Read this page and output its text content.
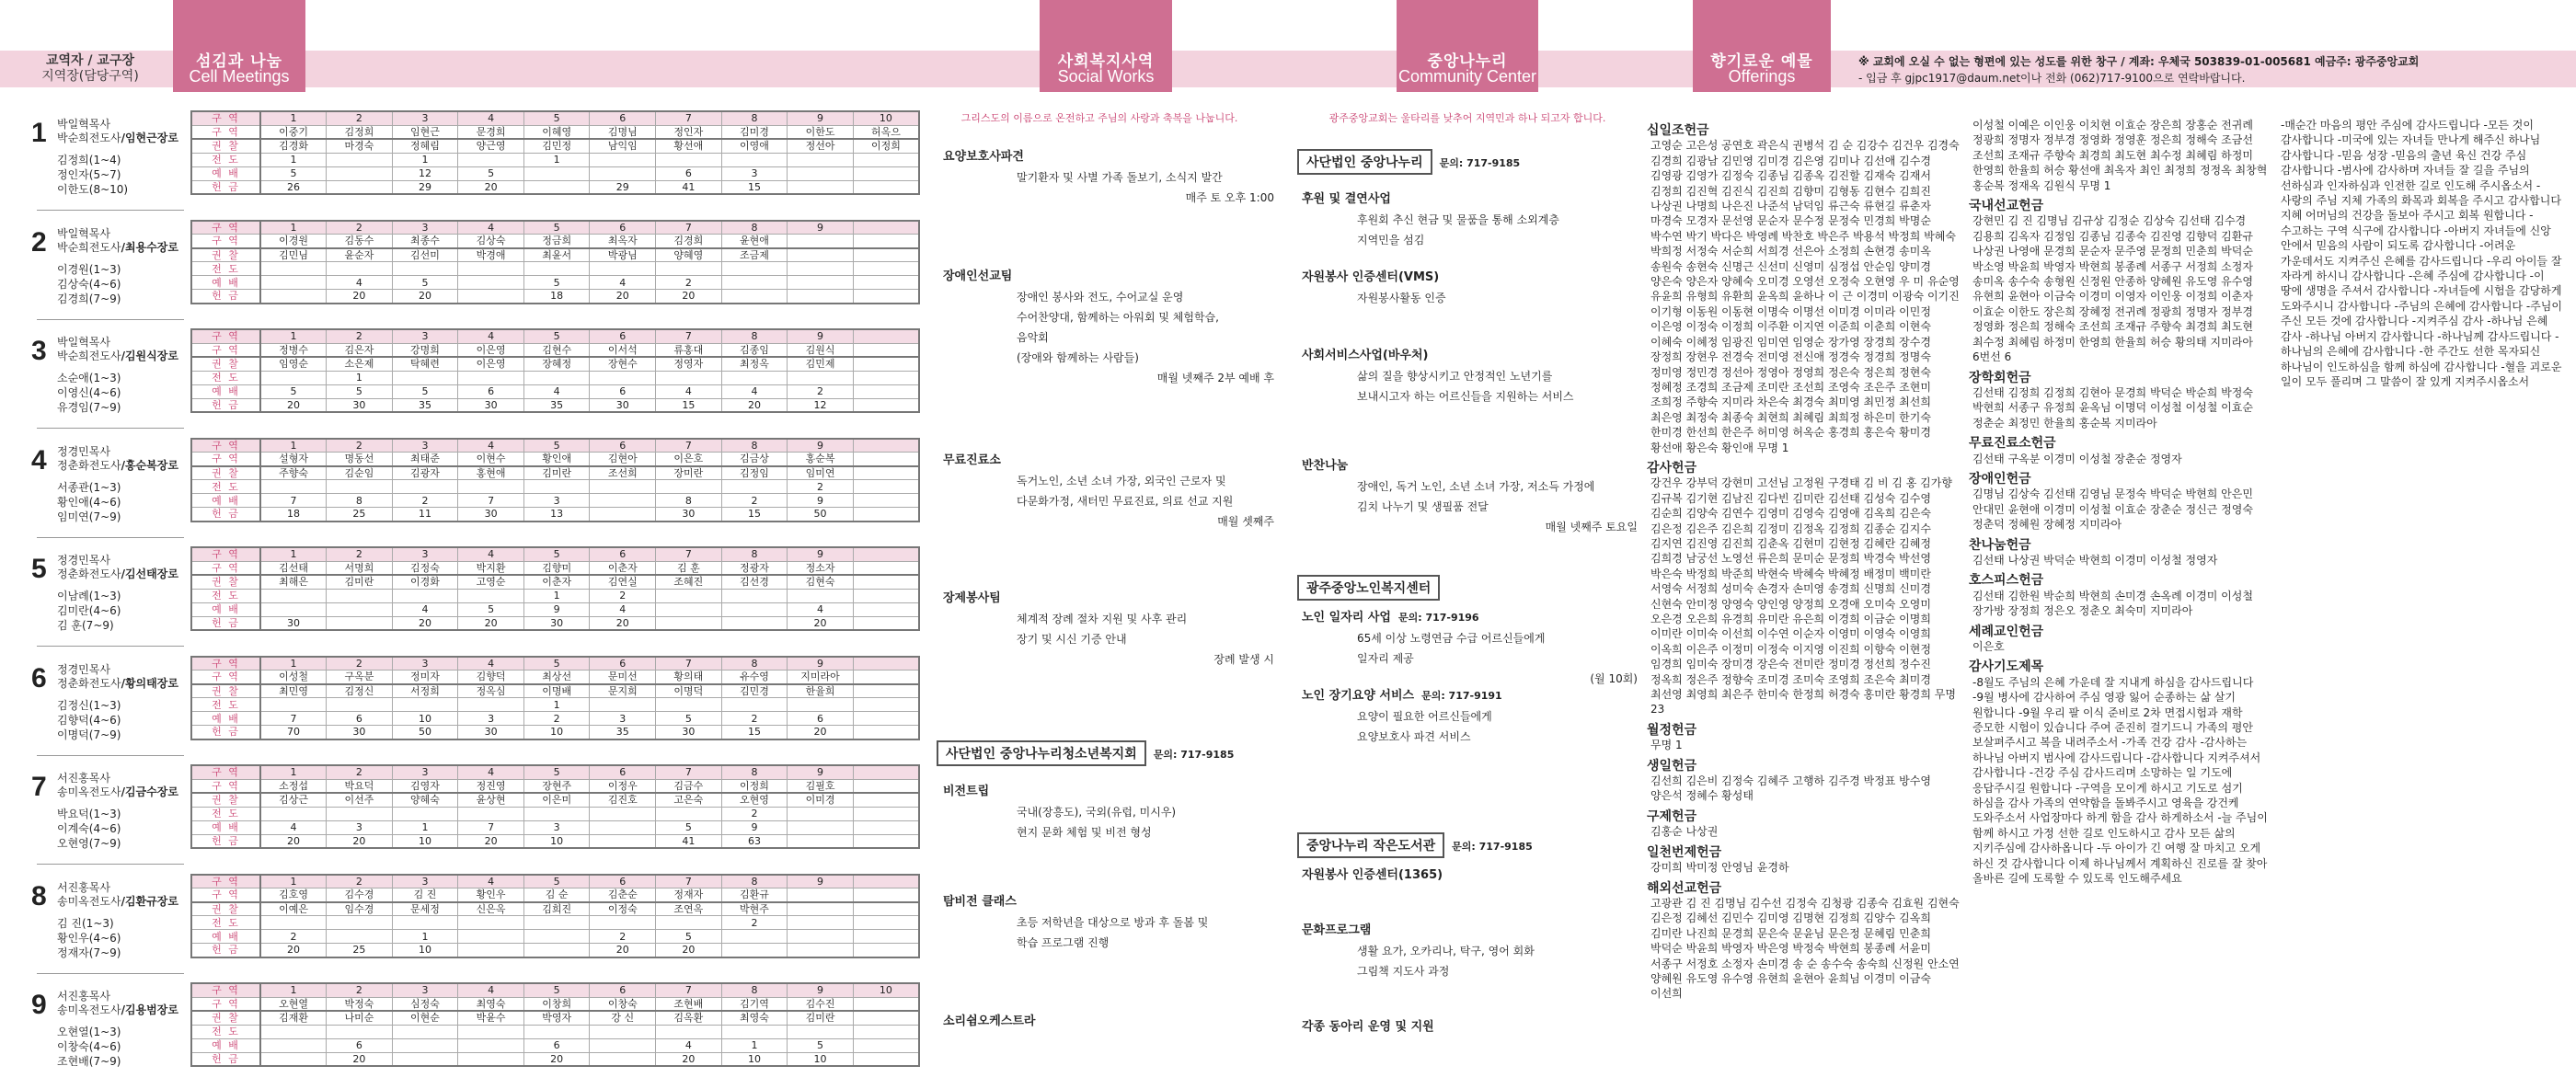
교역자 / 교구장
지역장(담당구역)
섬김과 나눔
Cell Meetings
사회복지사역
Social Works
중앙나누리
Community Center
향기로운 예물
Offerings
※ 교회에 오실 수 없는 형편에 있는 성도를 위한 창구 / 계좌: 우체국 503839-01-005681 예금주: 광주중앙교회
- 입금 후 gjpc1917@daum.net이나 전화 (062)717-9100으로 연락바랍니다.
1 박일혁목사
박순희전도사/임현근장로
김정희(1~4)
정인자(5~7)
이한도(8~10)
구 역	1	2	3	4	5	6	7	8	9	10
구 역	이중기	김정희	임현근	문경희	이혜영	김명님	정인자	김미경	이한도	허옥으
권 찰	김경화	마경숙	정혜림	양근영	김민정	남익임	황선애	이영애	정선아	이정희
전 도	1		1		1					
예 배	5		12	5			6	3		
헌 금	26		29	20		29	41	15		
2 박일혁목사
박순희전도사/최용수장로
이경원(1~3)
김상숙(4~6)
김경희(7~9)
구 역	1	2	3	4	5	6	7	8	9	
구 역	이경원	김동수	최종수	김상숙	정금희	최옥자	김경희	윤현애		
권 찰	김민님	윤순자	김선미	박경애	최윤서	박광님	양혜영	조금제		
전 도										
예 배		4	5		5	4	2			
헌 금		20	20		18	20	20			
3 박일혁목사
박순희전도사/김원식장로
소순애(1~3)
이영신(4~6)
유경임(7~9)
구 역	1	2	3	4	5	6	7	8	9	
구 역	정병수	김은자	강명희	이은영	김현수	이서석	류홍대	김종임	김원식	
권 찰	임영순	소은제	탁혜련	이은영	장혜정	장현수	정영자	최정옥	김민제	
전 도		1								
예 배	5	5	5	6	4	6	4	4	2	
헌 금	20	30	35	30	35	30	15	20	12	
4 정경민목사
정춘화전도사/홍순복장로
서종관(1~3)
황인애(4~6)
임미연(7~9)
구 역	1	2	3	4	5	6	7	8	9	
구 역	설형자	명동선	최태준	이현수	황인애	김현아	이은호	김금상	홍순복	
권 찰	주향숙	김순임	김광자	홍현애	김미란	조선희	장미란	김정임	임미연	
전 도									2	
예 배	7	8	2	7	3		8	2	9	
헌 금	18	25	11	30	13		30	15	50	
5 정경민목사
정춘화전도사/김선태장로
이남례(1~3)
김미란(4~6)
김 훈(7~9)
구 역	1	2	3	4	5	6	7	8	9	
구 역	김선태	서명희	김정숙	박지환	김향미	이춘자	김 훈	정광자	정소자	
권 찰	최해은	김미란	이경화	고영순	이춘자	김연실	조혜진	김선경	김현숙	
전 도					1	2				
예 배			4	5	9	4			4	
헌 금	30		20	20	30	20			20	
6 정경민목사
정춘화전도사/황의태장로
김정신(1~3)
김향덕(4~6)
이명덕(7~9)
구 역	1	2	3	4	5	6	7	8	9	
구 역	이성철	구옥분	정미자	김향덕	최상선	문미선	황의태	유수영	지미라아	
권 찰	최민영	김정신	서정희	정옥심	이명배	문지희	이명덕	김민경	한율희	
전 도					1					
예 배	7	6	10	3	2	3	5	2	6	
헌 금	70	30	50	30	10	35	30	15	20	
7 서진홍목사
송미옥전도사/김금수장로
박요덕(1~3)
이계숙(4~6)
오현영(7~9)
구 역	1	2	3	4	5	6	7	8	9	
구 역	소정섭	박요덕	김영자	정진영	장현주	이정우	김금수	이정희	김필호	
권 찰	김상근	이선주	양혜숙	윤상현	이은미	김진호	고은숙	오현영	이미경	
전 도								2		
예 배	4	3	1	7	3		5	9		
헌 금	20	20	10	20	10		41	63		
8 서진홍목사
송미옥전도사/김환규장로
김 진(1~3)
황인우(4~6)
정재자(7~9)
구 역	1	2	3	4	5	6	7	8	9	
구 역	김호영	김수경	김 진	황인우	김 순	김춘순	정재자	김환규		
권 찰	이예은	임수경	문세정	신은옥	김희진	이정숙	조연옥	박현주		
전 도								2		
예 배	2		1			2	5			
헌 금	20	25	10			20	20			
9 서진홍목사
송미옥전도사/김용범장로
오현열(1~3)
이창숙(4~6)
조현배(7~9)
구 역	1	2	3	4	5	6	7	8	9	10
구 역	오현열	박정숙	심정숙	최영숙	이창희	이창숙	조현배	김기역	김수진	
권 찰	김재환	나미순	이현순	박윤수	박영자	강 신	김옥환	최영숙	김미란	
전 도										
예 배		6			6		4	1	5	
헌 금		20			20		20	10	10	
그리스도의 이름으로 온전하고 주님의 사랑과 축복을 나눕니다.
요양보호사파견
말기환자 및 사별 가족 돌보기, 소식지 발간
매주 토 오후 1:00
장애인선교팀
장애인 봉사와 전도, 수어교실 운영
수어찬양대, 함께하는 아워회 및 체험학습,
음악회
(장애와 함께하는 사람들)
매월 넷째주 2부 예배 후
무료진료소
독거노인, 소년 소녀 가장, 외국인 근로자 및
다문화가정, 새터민 무료진료, 의료 선교 지원
매월 셋째주
장제봉사팀
체계적 장례 절차 지원 및 사후 관리
장기 및 시신 기증 안내
장례 발생 시
사단법인 중앙나누리청소년복지회 문의: 717-9185
비전트립
국내(장흥도), 국외(유럽, 미시우)
현지 문화 체험 및 비전 형성
탐비전 클래스
초등 저학년을 대상으로 방과 후 돌봄 및
학습 프로그램 진행
소리쉼오케스트라
광주중앙교회는 울타리를 낮추어 지역민과 하나 되고자 합니다.
사단법인 중앙나누리 문의: 717-9185
후원 및 결연사업
후원회 추신 현금 및 물품을 통해 소외계층
지역민을 섬김
자원봉사 인증센터(VMS)
자원봉사활동 인증
사회서비스사업(바우처)
삶의 질을 향상시키고 안정적인 노년기를
보내시고자 하는 어르신들을 지원하는 서비스
반찬나눔
장애인, 독거 노인, 소년 소녀 가장, 저소득 가정에
김치 나누기 및 생필품 전달
매월 넷째주 토요일
광주중앙노인복지센터
노인 일자리 사업 문의: 717-9196
65세 이상 노령연금 수급 어르신들에게
일자리 제공
(월 10회)
노인 장기요양 서비스 문의: 717-9191
요양이 필요한 어르신들에게
요양보호사 파견 서비스
중앙나누리 작은도서관 문의: 717-9185
자원봉사 인증센터(1365)
문화프로그램
생활 요가, 오카리나, 탁구, 영어 회화
그림책 지도사 과정
각종 동아리 운영 및 지원
십일조헌금
고영순 고은성 공연호 곽은식 권병석 김 순 김강수 김건우 김경숙 김경희 김광남 김민영 김미경 김은영 김미나 김선애 김수경 김영광 김영가 김정숙 김종님 김종옥 김진할 김재숙 김재서 김정희 김진혁 김진식 김진희 김향미 김형동 김현수 김희진 나상권 나명희 나은진 나준석 남덕임 류근숙 류현길 류춘자 마경숙 모경자 문선영 문순자 문수정 문정숙 민경희 박명순 박수연 박기 박다은 박영례 박찬호 박은주 박용석 박정희 박혜숙 박희정 서정숙 서순희 서희경 선은아 소정희 손현경 송미옥 송원숙 송현숙 신명근 신선미 신영미 심정섭 안순임 양미경 양은숙 양은자 양혜숙 오미경 오영선 오정숙 오현영 우 미 유순영 유윤희 유형희 유환희 윤옥희 윤하나 이 근 이경미 이광숙 이기진 이기형 이동원 이동현 이명숙 이명선 이미경 이미라 이민정 이은영 이정숙 이정희 이주환 이지연 이준희 이춘희 이현숙 이혜숙 이혜정 임광진 임미연 임영순 장가영 장경희 장수경 장정희 장현우 전경숙 전미영 전신애 정경숙 정경희 정명숙 정미영 정민경 정선아 정영아 정영희 정은숙 정은희 정현숙 정혜정 조경희 조금제 조미란 조선희 조영숙 조은주 조현미 조희정 주향숙 지미라 차은숙 최경숙 최미영 최민정 최선희 최은영 최정숙 최종숙 최현희 최혜림 최희정 하은미 한기숙 한미경 한선희 한은주 허미영 허옥순 홍경희 홍은숙 황미경 황선애 황은숙 황인애 무명 1
감사헌금
강건우 강부덕 강현미 고선님 고정원 구경태 김 비 김 홍 김가향 김규복 김기현 김남진 김다빈 김미란 김선태 김성숙 김수영 김순희 김양숙 김연수 김영미 김영숙 김영애 김옥희 김은숙 김은정 김은주 김은희 김정미 김정옥 김정희 김종순 김지수 김지연 김진영 김진희 김춘옥 김현미 김현정 김혜란 김혜정 김희경 남궁선 노영선 류은희 문미순 문정희 박경숙 박선영 박은숙 박정희 박준희 박현숙 박혜숙 박혜정 배정미 백미란 서영숙 서정희 성미숙 손경자 손미영 송경희 신명희 신미경 신현숙 안미정 양영숙 양인영 양정희 오경애 오미숙 오영미 오은경 오은희 유경희 유미란 유은희 이경희 이금순 이명희 이미란 이미숙 이선희 이수연 이순자 이영미 이영숙 이영희 이옥희 이은주 이정미 이정숙 이지영 이진희 이향숙 이현정 임경희 임미숙 장미경 장은숙 전미란 정미경 정선희 정수진 정옥희 정은주 정향숙 조미경 조미숙 조영희 조은숙 최미경 최선영 최영희 최은주 한미숙 한정희 허경숙 홍미란 황경희 무명 23
월정헌금
무명 1
생일헌금
김선희 김은비 김정숙 김혜주 고행하 김주경 박정표 방수영 양은석 정혜수 황성태
구제헌금
김홍순 나상권
일천번제헌금
강미희 박미정 안영님 윤경하
해외선교헌금
고광관 김 진 김명님 김수선 김정숙 김청광 김종숙 김효원 김현숙 김은정 김혜선 김민수 김미영 김명현 김정희 김양수 김옥희 김미란 나진희 문경희 문은숙 문윤님 문은정 문혜림 민춘희 박덕순 박윤희 박영자 박은영 박정숙 박현희 봉종례 서윤미 서종구 서정호 소정자 손미경 송 순 송수숙 송숙희 신정원 안소연 양혜원 유도영 유수영 유현희 윤현아 윤희님 이경미 이금숙 이선희
이성철 이예은 이인웅 이치현 이효순 장은희 장홍순 전귀례 정광희 정명자 정부경 정영화 정영훈 정은희 정해숙 조금선 조선희 조재규 주향숙 최경희 최도현 최수정 최혜림 하정미 한영희 한율희 허승 황선애 최옥자 최인 최정희 정정옥 최창혁 홍순복 정재옥 김원식 무명 1
국내선교헌금
강현민 김 진 김명님 김규상 김정순 김상숙 김선태 김수경 김용희 김옥자 김정임 김종님 김종숙 김진영 김향덕 김환규 나상권 나영애 문경희 문순자 문주영 문정희 민춘희 박덕순 박소영 박윤희 박영자 박현희 봉종례 서종구 서정희 소정자 송미옥 송수숙 송형원 신정원 안종하 양혜원 유도영 유수영 유현희 윤현아 이금숙 이경미 이영자 이인웅 이정희 이춘자 이효순 이한도 장은희 장혜정 전귀례 정광희 정명자 정부경 정영화 정은희 정해숙 조선희 조재규 주향숙 최경희 최도현 최수정 최혜림 하정미 한영희 한율희 허승 황의태 지미라아 6번선 6
장학회헌금
김선태 김정희 김정희 김현아 문경희 박덕순 박순희 박정숙 박현희 서종구 유정희 윤옥님 이명덕 이성철 이성철 이효순 정춘순 최정민 한율희 홍순복 지미라아
무료진료소헌금
김선태 구옥분 이경미 이성철 장춘순 정영자
장애인헌금
김명님 김상숙 김선태 김영님 문정숙 박덕순 박현희 안은민 안대민 윤현애 이경미 이성철 이효순 장춘순 정신근 정영숙 정춘덕 정혜원 장혜정 지미라아
찬나눔헌금
김선태 나상권 박덕순 박현희 이경미 이성철 정영자
호스피스헌금
김선태 김한원 박순희 박현희 손미경 손옥례 이경미 이성철 장가방 장정희 정은오 정춘오 최숙미 지미라아
세례교인헌금
이은호
감사기도제목
-8월도 주님의 은혜 가운데 잘 지내게 하심을 감사드립니다 -9월 병사에 감사하여 주심 영광 잃어 순종하는 삶 살기 원합니다 -9월 우리 팔 이식 준비로 2차 면접시험과 재학 증모한 시험이 있습니다 주여 준진히 걸기드니 가족의 평안 보살펴주시고 복을 내려주소서 -가족 건강 감사 -감사하는 하나님 아버지 범사에 감사드립니다 -감사합니다 지켜주셔서 감사합니다 -건강 주심 감사드리며 소망하는 일 기도에 응답주시길 원합니다 -구역을 모이게 하시고 기도로 섬기 하심을 감사 가족의 연약함을 돌봐주시고 영육을 강건케 도와주소서 사업장마다 하게 함을 감사 하게하소서 -늘 주님이 함께 하시고 가정 선한 길로 인도하시고 감사 모든 삶의 지키주심에 감사하옵니다 -두 아이가 긴 여행 잘 마치고 오게 하신 것 감사합니다 이제 하나님께서 계획하신 진로를 잘 찾아 올바른 길에 도록할 수 있도록 인도해주세요
-매순간 마음의 평안 주심에 감사드립니다 -모든 것이 감사합니다 -미국에 있는 자녀들 만나게 해주신 하나님 감사합니다 -믿음 성장 -믿음의 출년 육신 건강 주심 감사합니다 -범사에 감사하며 자녀들 잘 길을 주님의 선하심과 인자하심과 인전한 길로 인도해 주시옵소서 -사랑의 주님 지체 가족의 화목과 회복을 주시고 감사합니다 지혜 어머님의 건강을 돌보아 주시고 회복 원합니다 -수고하는 구역 식구에 감사합니다 -아버지 자녀들에 신앙 안에서 믿음의 사람이 되도록 감사합니다 -어려운 가운데서도 지켜주신 은혜를 감사드립니다 -우리 아이들 잘 자라게 하시니 감사합니다 -은혜 주심에 감사합니다 -이 땅에 생명을 주셔서 감사합니다 -자녀들에 시험을 감당하게 도와주시니 감사합니다 -주님의 은혜에 감사합니다 -주님이 주신 모든 것에 감사합니다 -지켜주심 감사 -하나님 은혜 감사 -하나님 아버지 감사합니다 -하나님께 감사드립니다 -하나님의 은혜에 감사합니다 -한 주간도 선한 목자되신 하나님이 인도하심을 함께 하심에 감사합니다 -혈을 괴로운 일이 모두 풀리며 그 말씀이 잘 있게 지켜주시옵소서
